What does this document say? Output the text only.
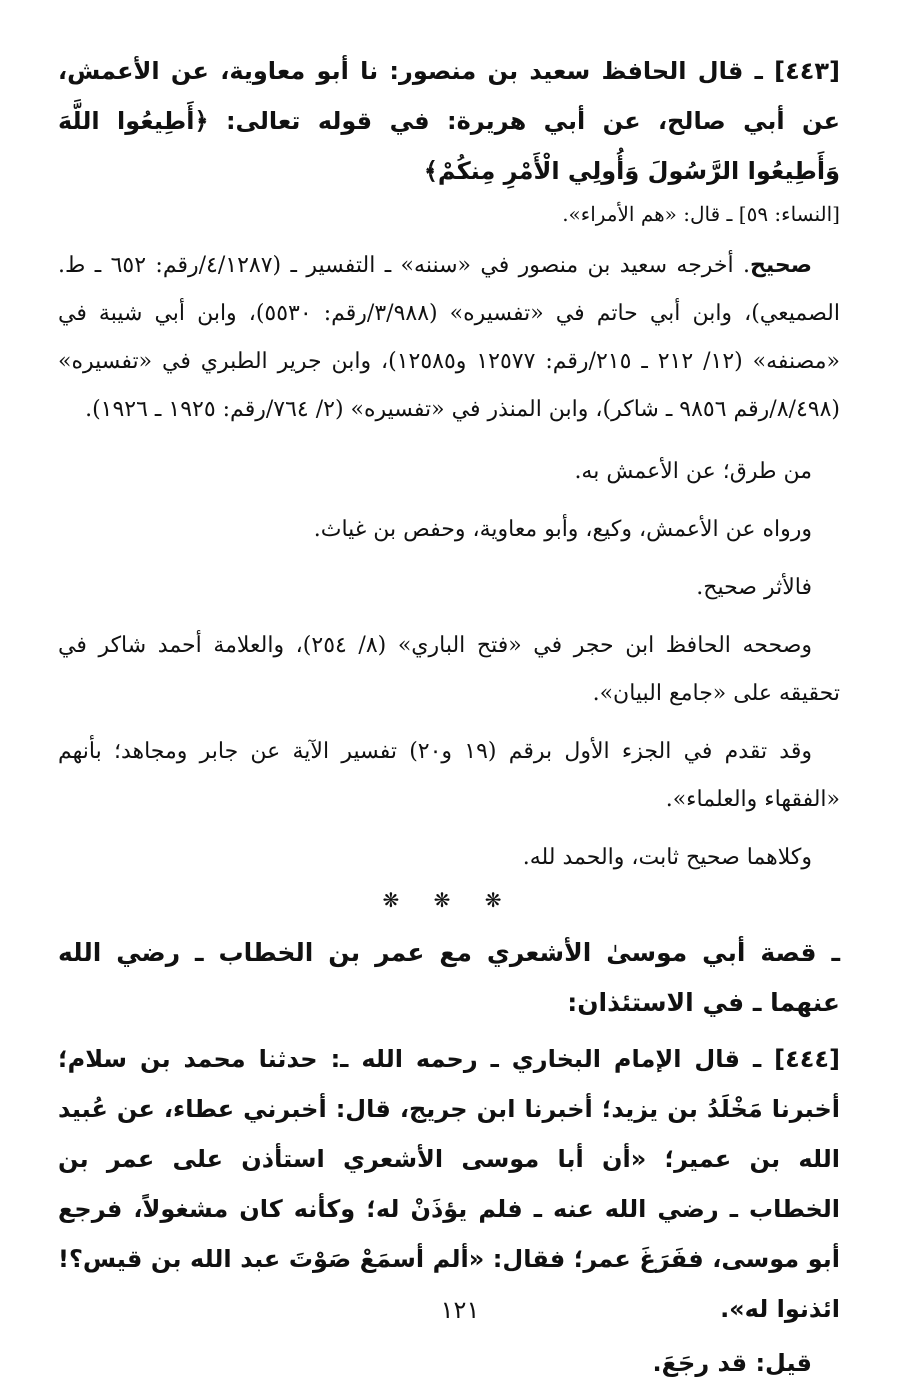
[٤٤٣] ـ قال الحافظ سعيد بن منصور: نا أبو معاوية، عن الأعمش، عن أبي صالح، عن أبي هريرة: في قوله تعالى: ﴿أَطِيعُوا اللَّهَ وَأَطِيعُوا الرَّسُولَ وَأُولِي الْأَمْرِ مِنكُمْ﴾

[النساء: ٥٩] ـ قال: «هم الأمراء».

صحيح. أخرجه سعيد بن منصور في «سننه» ـ التفسير ـ (٤/١٢٨٧/رقم: ٦٥٢ ـ ط. الصميعي)، وابن أبي حاتم في «تفسيره» (٣/٩٨٨/رقم: ٥٥٣٠)، وابن أبي شيبة في «مصنفه» (١٢/ ٢١٢ ـ ٢١٥/رقم: ١٢٥٧٧ و١٢٥٨٥)، وابن جرير الطبري في «تفسيره» (٨/٤٩٨/رقم ٩٨٥٦ ـ شاكر)، وابن المنذر في «تفسيره» (٢/ ٧٦٤/رقم: ١٩٢٥ ـ ١٩٢٦).

من طرق؛ عن الأعمش به.

ورواه عن الأعمش، وكيع، وأبو معاوية، وحفص بن غياث.

فالأثر صحيح.

وصححه الحافظ ابن حجر في «فتح الباري» (٨/ ٢٥٤)، والعلامة أحمد شاكر في تحقيقه على «جامع البيان».

وقد تقدم في الجزء الأول برقم (١٩ و٢٠) تفسير الآية عن جابر ومجاهد؛ بأنهم «الفقهاء والعلماء».

وكلاهما صحيح ثابت، والحمد لله.

❋ ❋ ❋

ـ قصة أبي موسىٰ الأشعري مع عمر بن الخطاب ـ رضي الله عنهما ـ في الاستئذان:

[٤٤٤] ـ قال الإمام البخاري ـ رحمه الله ـ: حدثنا محمد بن سلام؛ أخبرنا مَخْلَدُ بن يزيد؛ أخبرنا ابن جريج، قال: أخبرني عطاء، عن عُبيد الله بن عمير؛ «أن أبا موسى الأشعري استأذن على عمر بن الخطاب ـ رضي الله عنه ـ فلم يؤذَنْ له؛ وكأنه كان مشغولاً، فرجع أبو موسى، ففَرَغَ عمر؛ فقال: «ألم أسمَعْ صَوْتَ عبد الله بن قيس؟! ائذنوا له».

قيل: قد رجَعَ.

١٢١
